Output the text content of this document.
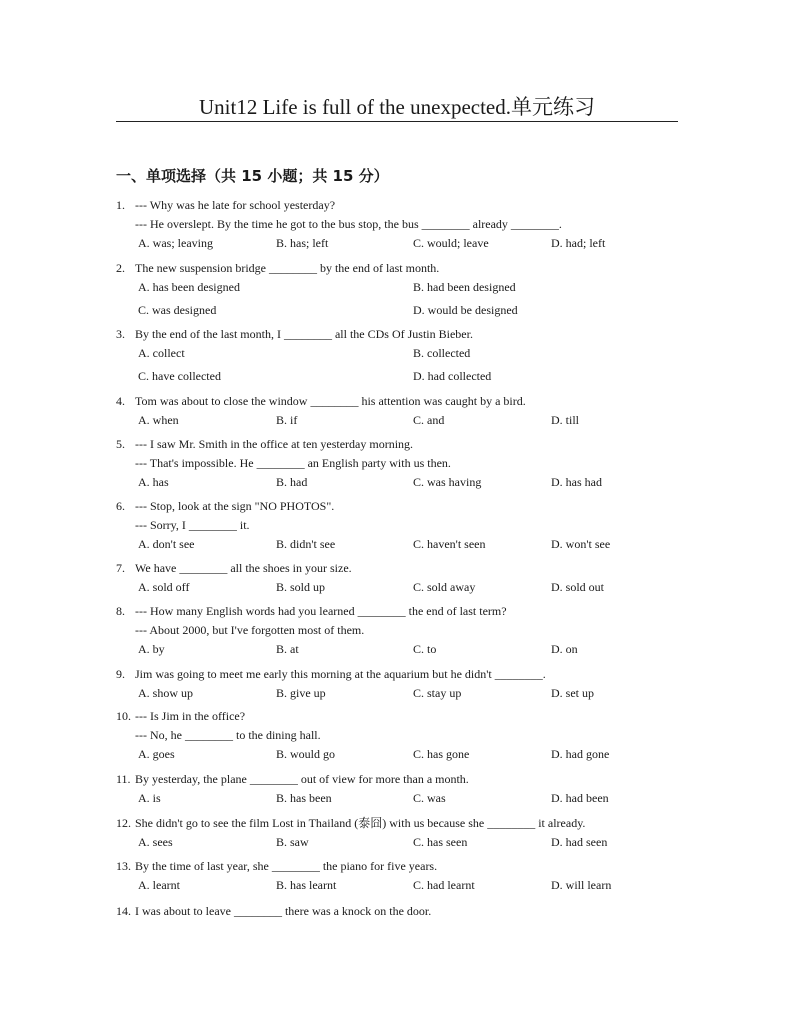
Unit12 Life is full of the unexpected.单元练习
一、单项选择（共 15 小题；共 15 分）
1. --- Why was he late for school yesterday?
--- He overslept. By the time he got to the bus stop, the bus ________ already ________.
A. was; leaving	B. has; left	C. would; leave	D. had; left
2. The new suspension bridge ________ by the end of last month.
A. has been designed	B. had been designed
C. was designed	D. would be designed
3. By the end of the last month, I ________ all the CDs Of Justin Bieber.
A. collect	B. collected
C. have collected	D. had collected
4. Tom was about to close the window ________ his attention was caught by a bird.
A. when	B. if	C. and	D. till
5. --- I saw Mr. Smith in the office at ten yesterday morning.
--- That's impossible. He ________ an English party with us then.
A. has	B. had	C. was having	D. has had
6. --- Stop, look at the sign "NO PHOTOS".
--- Sorry, I ________ it.
A. don't see	B. didn't see	C. haven't seen	D. won't see
7. We have ________ all the shoes in your size.
A. sold off	B. sold up	C. sold away	D. sold out
8. --- How many English words had you learned ________ the end of last term?
--- About 2000, but I've forgotten most of them.
A. by	B. at	C. to	D. on
9. Jim was going to meet me early this morning at the aquarium but he didn't ________.
A. show up	B. give up	C. stay up	D. set up
10. --- Is Jim in the office?
--- No, he ________ to the dining hall.
A. goes	B. would go	C. has gone	D. had gone
11. By yesterday, the plane ________ out of view for more than a month.
A. is	B. has been	C. was	D. had been
12. She didn't go to see the film Lost in Thailand (泰囧) with us because she ________ it already.
A. sees	B. saw	C. has seen	D. had seen
13. By the time of last year, she ________ the piano for five years.
A. learnt	B. has learnt	C. had learnt	D. will learn
14. I was about to leave ________ there was a knock on the door.
